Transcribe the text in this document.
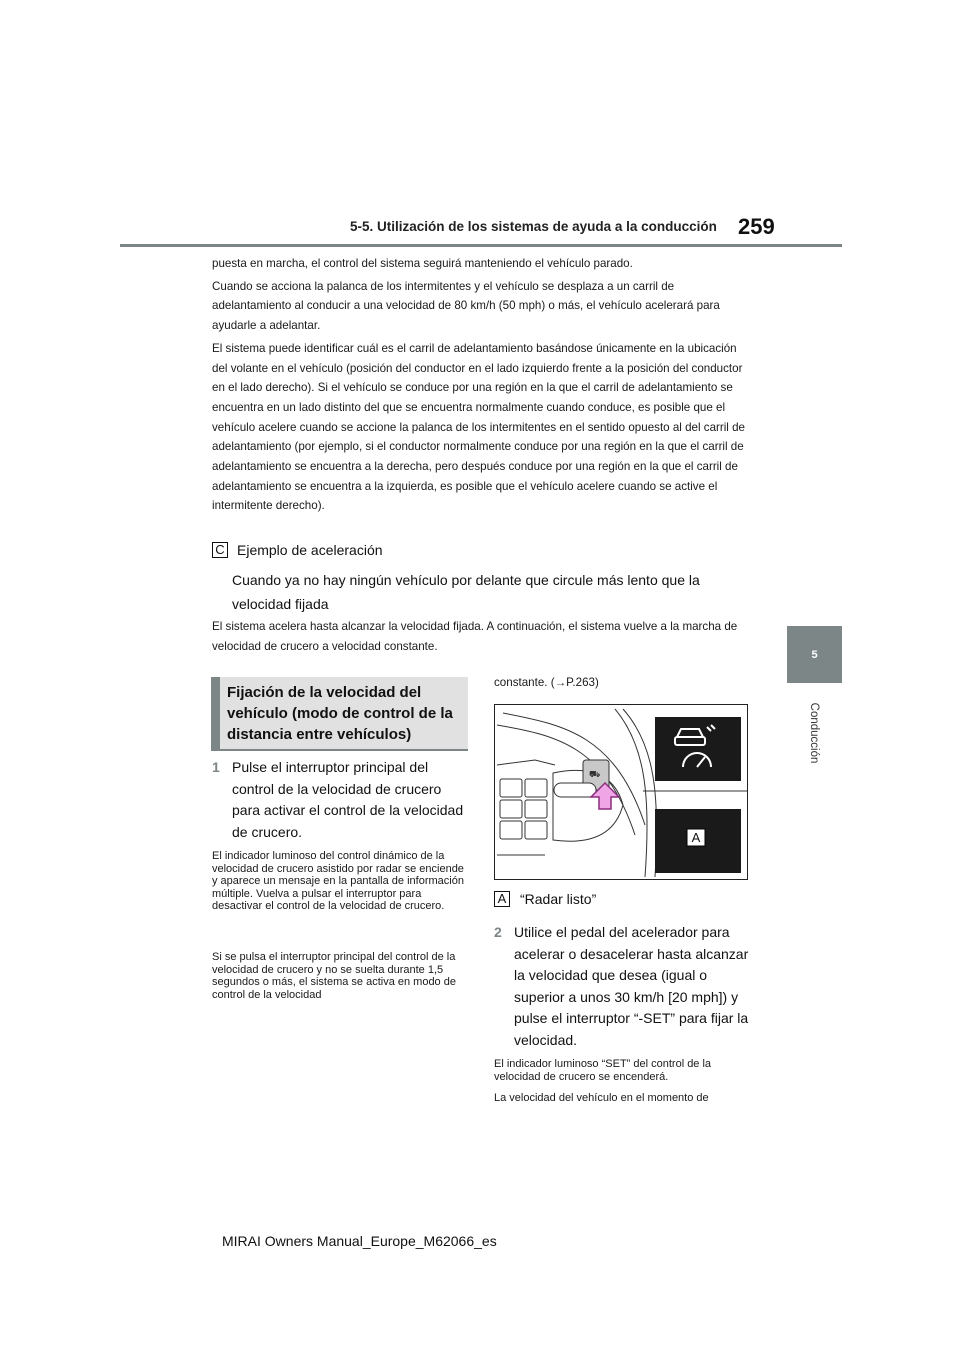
5-5. Utilización de los sistemas de ayuda a la conducción 259
5
Conducción

puesta en marcha, el control del sistema seguirá manteniendo el vehículo parado.

Cuando se acciona la palanca de los intermitentes y el vehículo se desplaza a un carril de adelantamiento al conducir a una velocidad de 80 km/h (50 mph) o más, el vehículo acelerará para ayudarle a adelantar.

El sistema puede identificar cuál es el carril de adelantamiento basándose únicamente en la ubicación del volante en el vehículo (posición del conductor en el lado izquierdo frente a la posición del conductor en el lado derecho). Si el vehículo se conduce por una región en la que el carril de adelantamiento se encuentra en un lado distinto del que se encuentra normalmente cuando conduce, es posible que el vehículo acelere cuando se accione la palanca de los intermitentes en el sentido opuesto al del carril de adelantamiento (por ejemplo, si el conductor normalmente conduce por una región en la que el carril de adelantamiento se encuentra a la derecha, pero después conduce por una región en la que el carril de adelantamiento se encuentra a la izquierda, es posible que el vehículo acelere cuando se active el intermitente derecho).

C Ejemplo de aceleración
Cuando ya no hay ningún vehículo por delante que circule más lento que la velocidad fijada
El sistema acelera hasta alcanzar la velocidad fijada. A continuación, el sistema vuelve a la marcha de velocidad de crucero a velocidad constante.
Fijación de la velocidad del vehículo (modo de control de la distancia entre vehículos)
1 Pulse el interruptor principal del control de la velocidad de crucero para activar el control de la velocidad de crucero.
El indicador luminoso del control dinámico de la velocidad de crucero asistido por radar se enciende y aparece un mensaje en la pantalla de información múltiple. Vuelva a pulsar el interruptor para desactivar el control de la velocidad de crucero.
Si se pulsa el interruptor principal del control de la velocidad de crucero y no se suelta durante 1,5 segundos o más, el sistema se activa en modo de control de la velocidad
constante. (→P.263)
⛟
A
A “Radar listo”
2 Utilice el pedal del acelerador para acelerar o desacelerar hasta alcanzar la velocidad que desea (igual o superior a unos 30 km/h [20 mph]) y pulse el interruptor “-SET” para fijar la velocidad.
El indicador luminoso “SET” del control de la velocidad de crucero se encenderá.
La velocidad del vehículo en el momento de
MIRAI Owners Manual_Europe_M62066_es
